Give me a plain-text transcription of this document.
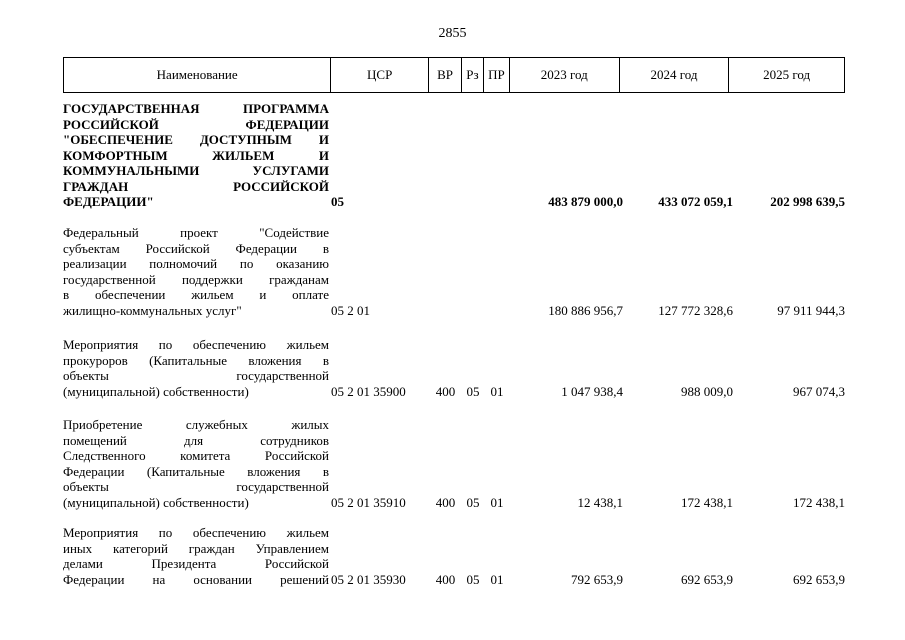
2855
Наименование	ЦСР	ВР	Рз ПР	2023 год	2024 год	2025 год
ГОСУДАРСТВЕННАЯ ПРОГРАММА
РОССИЙСКОЙ ФЕДЕРАЦИИ
"ОБЕСПЕЧЕНИЕ ДОСТУПНЫМ И
КОМФОРТНЫМ ЖИЛЬЕМ И
КОММУНАЛЬНЫМИ УСЛУГАМИ
ГРАЖДАН РОССИЙСКОЙ
ФЕДЕРАЦИИ"	05	483 879 000,0	433 072 059,1	202 998 639,5
Федеральный проект "Содействие
субъектам Российской Федерации в
реализации полномочий по оказанию
государственной поддержки гражданам
в обеспечении жильем и оплате
жилищно-коммунальных услуг"	05 2 01	180 886 956,7	127 772 328,6	97 911 944,3
Мероприятия по обеспечению жильем
прокуроров (Капитальные вложения в
объекты государственной
(муниципальной) собственности)	05 2 01 35900	400 05 01	1 047 938,4	988 009,0	967 074,3
Приобретение служебных жилых
помещений для сотрудников
Следственного комитета Российской
Федерации (Капитальные вложения в
объекты государственной
(муниципальной) собственности)	05 2 01 35910	400 05 01	12 438,1	172 438,1	172 438,1
Мероприятия по обеспечению жильем
иных категорий граждан Управлением
делами Президента Российской
Федерации на основании решений 05 2 01 35930	400 05 01	792 653,9	692 653,9	692 653,9
